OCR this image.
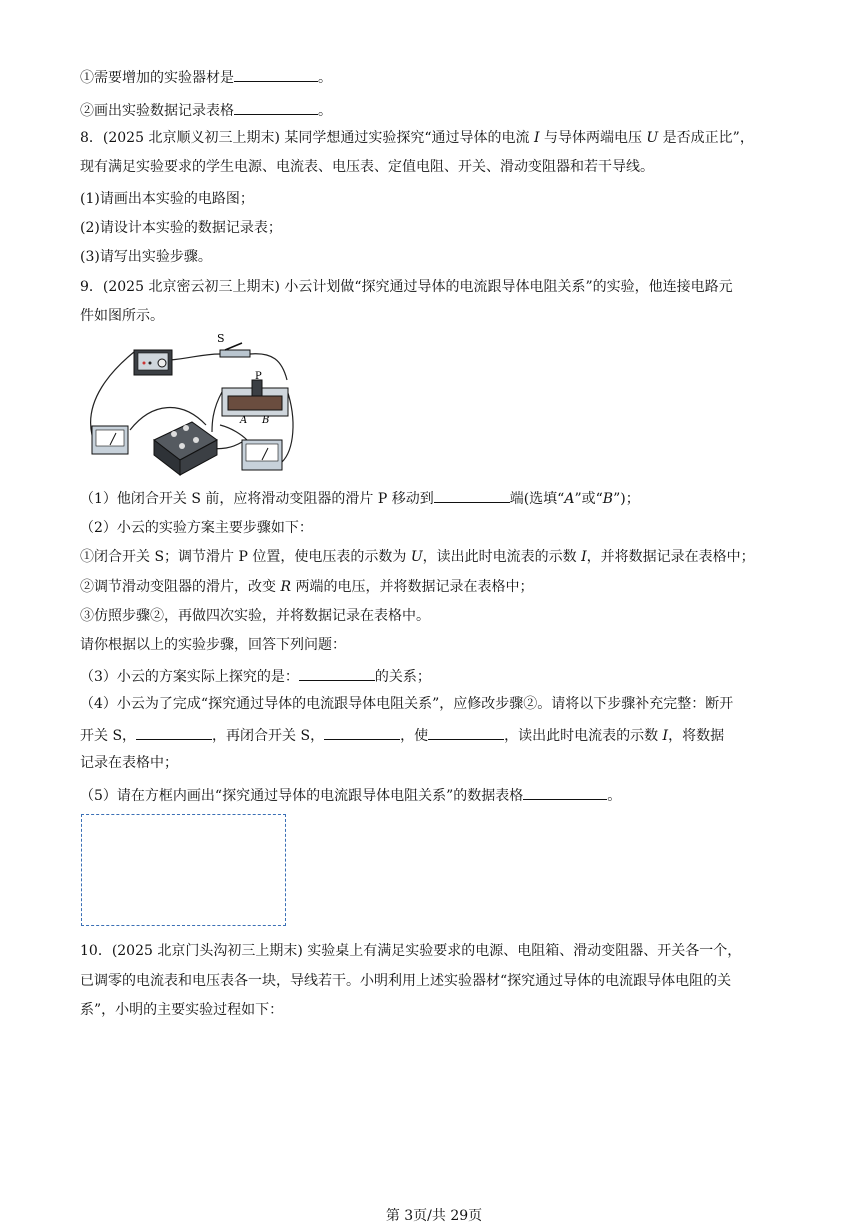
①需要增加的实验器材是	。
②画出实验数据记录表格	。
8．(2025 北京顺义初三上期末) 某同学想通过实验探究“通过导体的电流 I 与导体两端电压 U 是否成正比”，
现有满足实验要求的学生电源、电流表、电压表、定值电阻、开关、滑动变阻器和若干导线。
(1)请画出本实验的电路图；
(2)请设计本实验的数据记录表；
(3)请写出实验步骤。
9．(2025 北京密云初三上期末) 小云计划做“探究通过导体的电流跟导体电阻关系”的实验，他连接电路元
件如图所示。
S
P
A B
（1）他闭合开关 S 前，应将滑动变阻器的滑片 P 移动到	端(选填“A”或“B”)；
（2）小云的实验方案主要步骤如下：
①闭合开关 S；调节滑片 P 位置，使电压表的示数为 U，读出此时电流表的示数 I，并将数据记录在表格中；
②调节滑动变阻器的滑片，改变 R 两端的电压，并将数据记录在表格中；
③仿照步骤②，再做四次实验，并将数据记录在表格中。
请你根据以上的实验步骤，回答下列问题：
（3）小云的方案实际上探究的是：	的关系；
（4）小云为了完成“探究通过导体的电流跟导体电阻关系”，应修改步骤②。请将以下步骤补充完整：断开
开关 S，	，再闭合开关 S，	，使	，读出此时电流表的示数 I，将数据
记录在表格中；
（5）请在方框内画出“探究通过导体的电流跟导体电阻关系”的数据表格	。
10．(2025 北京门头沟初三上期末) 实验桌上有满足实验要求的电源、电阻箱、滑动变阻器、开关各一个，
已调零的电流表和电压表各一块，导线若干。小明利用上述实验器材“探究通过导体的电流跟导体电阻的关
系”，小明的主要实验过程如下：
第 3页/共 29页
